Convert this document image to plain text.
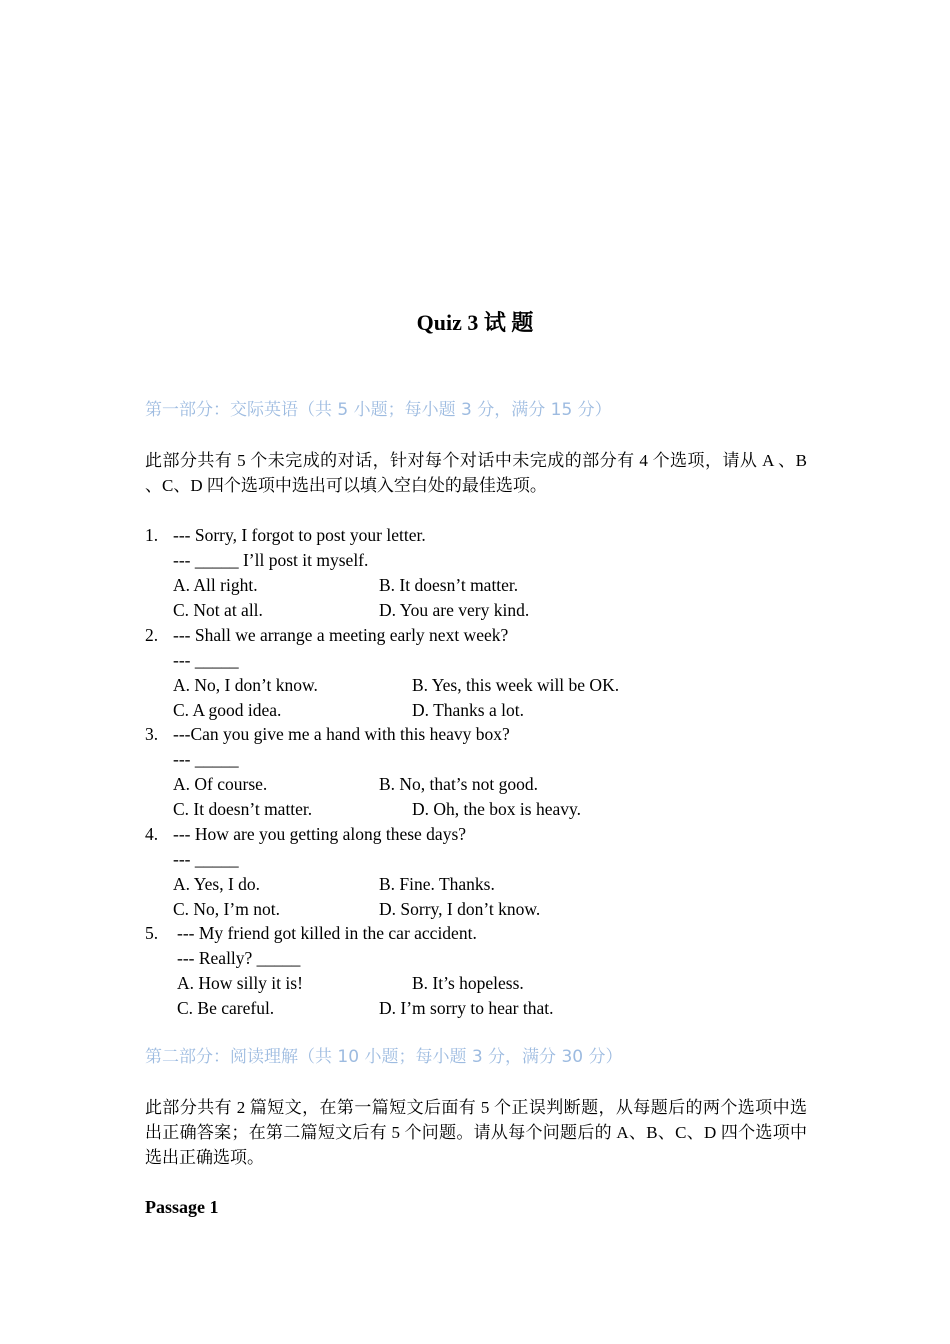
Quiz 3 试 题
第一部分：交际英语（共 5 小题；每小题 3 分，满分 15 分）
此部分共有 5 个未完成的对话，针对每个对话中未完成的部分有 4 个选项，请从 A 、B 、C、D 四个选项中选出可以填入空白处的最佳选项。
1. --- Sorry, I forgot to post your letter.
--- _____ I’ll post it myself.
A. All right.	B. It doesn’t matter.
C. Not at all.	D. You are very kind.
2. --- Shall we arrange a meeting early next week?
--- _____
A. No, I don’t know.	B. Yes, this week will be OK.
C. A good idea.	D. Thanks a lot.
3. ---Can you give me a hand with this heavy box?
--- _____
A. Of course.	B. No, that’s not good.
C. It doesn’t matter.	D. Oh, the box is heavy.
4. --- How are you getting along these days?
--- _____
A. Yes, I do.	B. Fine. Thanks.
C. No, I’m not.	D. Sorry, I don’t know.
5. --- My friend got killed in the car accident.
--- Really? _____
A. How silly it is!	B. It’s hopeless.
C. Be careful.	D. I’m sorry to hear that.
第二部分：阅读理解（共 10 小题；每小题 3 分，满分 30 分）
此部分共有 2 篇短文，在第一篇短文后面有 5 个正误判断题，从每题后的两个选项中选出正确答案；在第二篇短文后有 5 个问题。请从每个问题后的 A、B、C、D 四个选项中选出正确选项。
Passage 1
